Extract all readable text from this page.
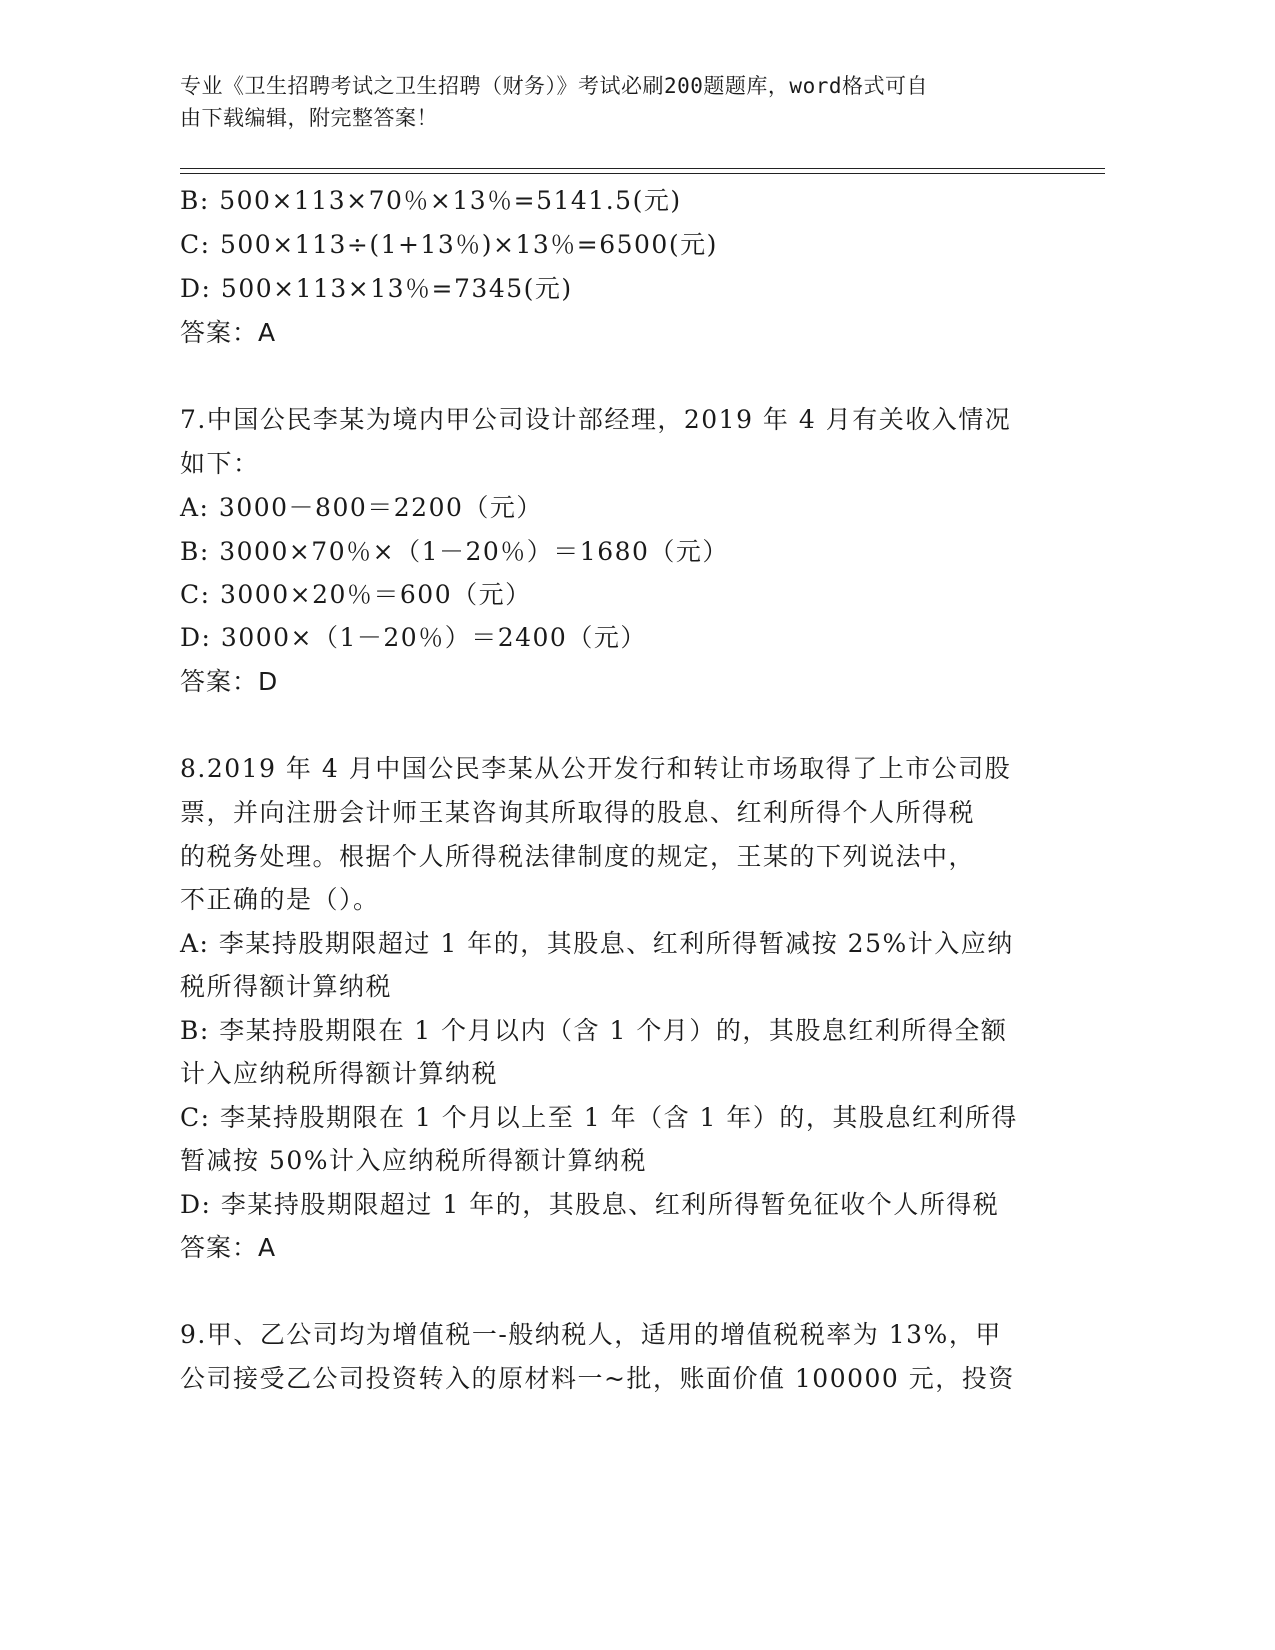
专业《卫生招聘考试之卫生招聘（财务）》考试必刷200题题库，word格式可自
由下载编辑，附完整答案！
B: 500×113×70％×13％=5141.5(元)
C: 500×113÷(1+13％)×13％=6500(元)
D: 500×113×13％=7345(元)
答案：A
7.中国公民李某为境内甲公司设计部经理，2019 年 4 月有关收入情况
如下：
A: 3000－800＝2200（元）
B: 3000×70％×（1－20％）＝1680（元）
C: 3000×20％＝600（元）
D: 3000×（1－20％）＝2400（元）
答案：D
8.2019 年 4 月中国公民李某从公开发行和转让市场取得了上市公司股
票，并向注册会计师王某咨询其所取得的股息、红利所得个人所得税
的税务处理。根据个人所得税法律制度的规定，王某的下列说法中，
不正确的是（）。
A: 李某持股期限超过 1 年的，其股息、红利所得暂减按 25%计入应纳
税所得额计算纳税
B: 李某持股期限在 1 个月以内（含 1 个月）的，其股息红利所得全额
计入应纳税所得额计算纳税
C: 李某持股期限在 1 个月以上至 1 年（含 1 年）的，其股息红利所得
暂减按 50%计入应纳税所得额计算纳税
D: 李某持股期限超过 1 年的，其股息、红利所得暂免征收个人所得税
答案：A
9.甲、乙公司均为增值税一-般纳税人，适用的增值税税率为 13%，甲
公司接受乙公司投资转入的原材料一~批，账面价值 100000 元，投资
